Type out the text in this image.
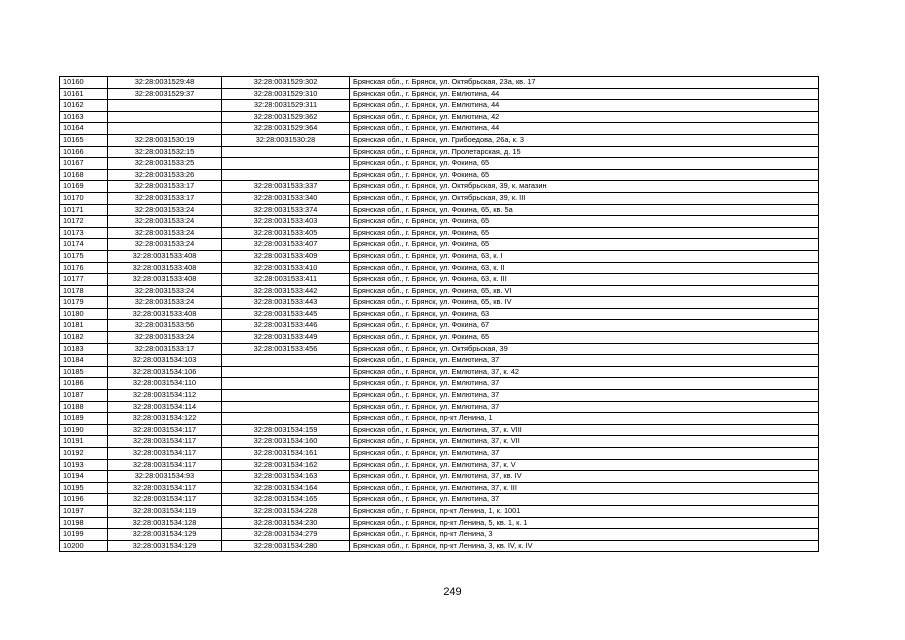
10160	32:28:0031529:48	32:28:0031529:302	Брянская обл., г. Брянск, ул. Октябрьская, 23а, кв. 17
10161	32:28:0031529:37	32:28:0031529:310	Брянская обл., г. Брянск, ул. Емлютина, 44
10162		32:28:0031529:311	Брянская обл., г. Брянск, ул. Емлютина, 44
10163		32:28:0031529:362	Брянская обл., г. Брянск, ул. Емлютина, 42
10164		32:28:0031529:364	Брянская обл., г. Брянск, ул. Емлютина, 44
10165	32:28:0031530:19	32:28:0031530:28	Брянская обл., г. Брянск, ул. Грибоедова, 26а, к. 3
10166	32:28:0031532:15		Брянская обл., г. Брянск, ул. Пролетарская, д. 15
10167	32:28:0031533:25		Брянская обл., г. Брянск, ул. Фокина, 65
10168	32:28:0031533:26		Брянская обл., г. Брянск, ул. Фокина, 65
10169	32:28:0031533:17	32:28:0031533:337	Брянская обл., г. Брянск, ул. Октябрьская, 39, к. магазин
10170	32:28:0031533:17	32:28:0031533:340	Брянская обл., г. Брянск, ул. Октябрьская, 39, к. III
10171	32:28:0031533:24	32:28:0031533:374	Брянская обл., г. Брянск, ул. Фокина, 65, кв. 5а
10172	32:28:0031533:24	32:28:0031533:403	Брянская обл., г. Брянск, ул. Фокина, 65
10173	32:28:0031533:24	32:28:0031533:405	Брянская обл., г. Брянск, ул. Фокина, 65
10174	32:28:0031533:24	32:28:0031533:407	Брянская обл., г. Брянск, ул. Фокина, 65
10175	32:28:0031533:408	32:28:0031533:409	Брянская обл., г. Брянск, ул. Фокина, 63, к. I
10176	32:28:0031533:408	32:28:0031533:410	Брянская обл., г. Брянск, ул. Фокина, 63, к. II
10177	32:28:0031533:408	32:28:0031533:411	Брянская обл., г. Брянск, ул. Фокина, 63, к. III
10178	32:28:0031533:24	32:28:0031533:442	Брянская обл., г. Брянск, ул. Фокина, 65, кв. VI
10179	32:28:0031533:24	32:28:0031533:443	Брянская обл., г. Брянск, ул. Фокина, 65, кв. IV
10180	32:28:0031533:408	32:28:0031533:445	Брянская обл., г. Брянск, ул. Фокина, 63
10181	32:28:0031533:56	32:28:0031533:446	Брянская обл., г. Брянск, ул. Фокина, 67
10182	32:28:0031533:24	32:28:0031533:449	Брянская обл., г. Брянск, ул. Фокина, 65
10183	32:28:0031533:17	32:28:0031533:456	Брянская обл., г. Брянск, ул. Октябрьская, 39
10184	32:28:0031534:103		Брянская обл., г. Брянск, ул. Емлютина, 37
10185	32:28:0031534:106		Брянская обл., г. Брянск, ул. Емлютина, 37, к. 42
10186	32:28:0031534:110		Брянская обл., г. Брянск, ул. Емлютина, 37
10187	32:28:0031534:112		Брянская обл., г. Брянск, ул. Емлютина, 37
10188	32:28:0031534:114		Брянская обл., г. Брянск, ул. Емлютина, 37
10189	32:28:0031534:122		Брянская обл., г. Брянск, пр-кт Ленина, 1
10190	32:28:0031534:117	32:28:0031534:159	Брянская обл., г. Брянск, ул. Емлютина, 37, к. VIII
10191	32:28:0031534:117	32:28:0031534:160	Брянская обл., г. Брянск, ул. Емлютина, 37, к. VII
10192	32:28:0031534:117	32:28:0031534:161	Брянская обл., г. Брянск, ул. Емлютина, 37
10193	32:28:0031534:117	32:28:0031534:162	Брянская обл., г. Брянск, ул. Емлютина, 37, к. V
10194	32:28:0031534:93	32:28:0031534:163	Брянская обл., г. Брянск, ул. Емлютина, 37, кв. IV
10195	32:28:0031534:117	32:28:0031534:164	Брянская обл., г. Брянск, ул. Емлютина, 37, к. III
10196	32:28:0031534:117	32:28:0031534:165	Брянская обл., г. Брянск, ул. Емлютина, 37
10197	32:28:0031534:119	32:28:0031534:228	Брянская обл., г. Брянск, пр-кт Ленина, 1, к. 1001
10198	32:28:0031534:128	32:28:0031534:230	Брянская обл., г. Брянск, пр-кт Ленина, 5, кв. 1, к. 1
10199	32:28:0031534:129	32:28:0031534:279	Брянская обл., г. Брянск, пр-кт Ленина, 3
10200	32:28:0031534:129	32:28:0031534:280	Брянская обл., г. Брянск, пр-кт Ленина, 3, кв. IV, к. IV
249
